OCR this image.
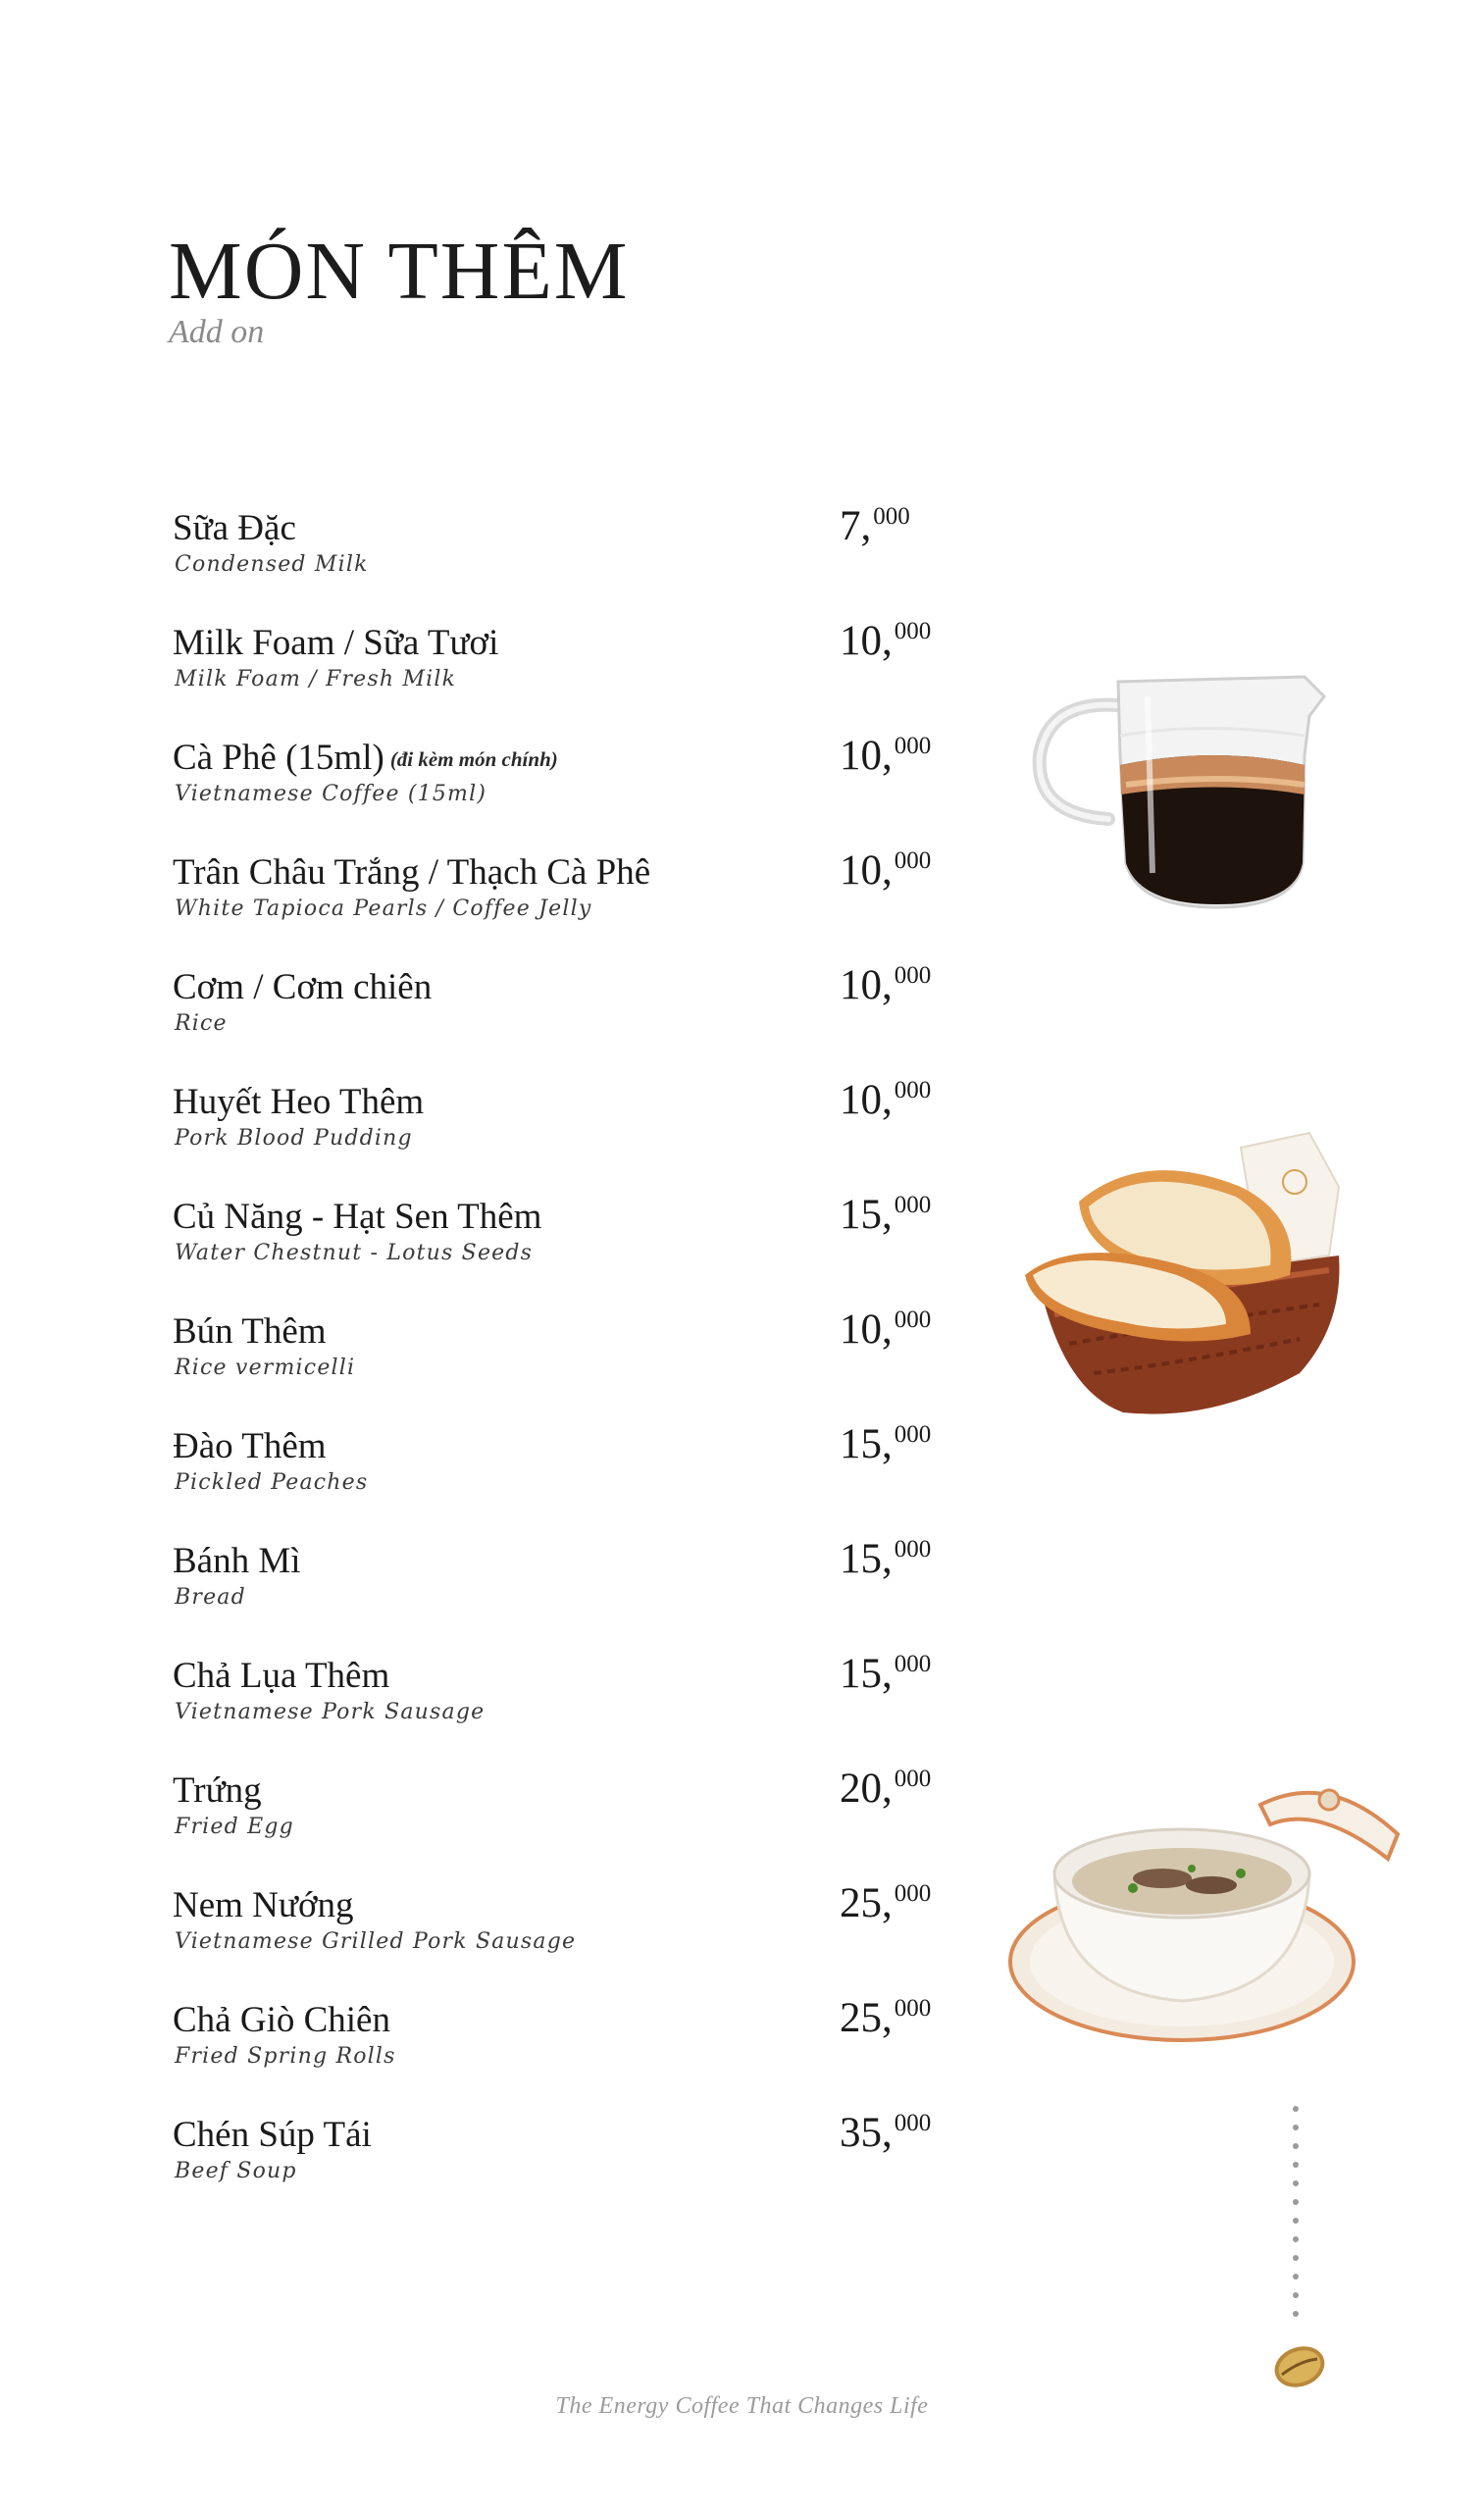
MÓN THÊM
Add on
Sữa Đặc
Condensed Milk
7,$^{000}$
Milk Foam / Sữa Tươi
Milk Foam / Fresh Milk
10,$^{000}$
Cà Phê (15ml) (đi kèm món chính)
Vietnamese Coffee (15ml)
10,$^{000}$
Trân Châu Trắng / Thạch Cà Phê
White Tapioca Pearls / Coffee Jelly
10,$^{000}$
Cơm / Cơm chiên
Rice
10,$^{000}$
Huyết Heo Thêm
Pork Blood Pudding
10,$^{000}$
Củ Năng - Hạt Sen Thêm
Water Chestnut - Lotus Seeds
15,$^{000}$
Bún Thêm
Rice vermicelli
10,$^{000}$
Đào Thêm
Pickled Peaches
15,$^{000}$
Bánh Mì
Bread
15,$^{000}$
Chả Lụa Thêm
Vietnamese Pork Sausage
15,$^{000}$
Trứng
Fried Egg
20,$^{000}$
Nem Nướng
Vietnamese Grilled Pork Sausage
25,$^{000}$
Chả Giò Chiên
Fried Spring Rolls
25,$^{000}$
Chén Súp Tái
Beef Soup
35,$^{000}$
The Energy Coffee That Changes Life
